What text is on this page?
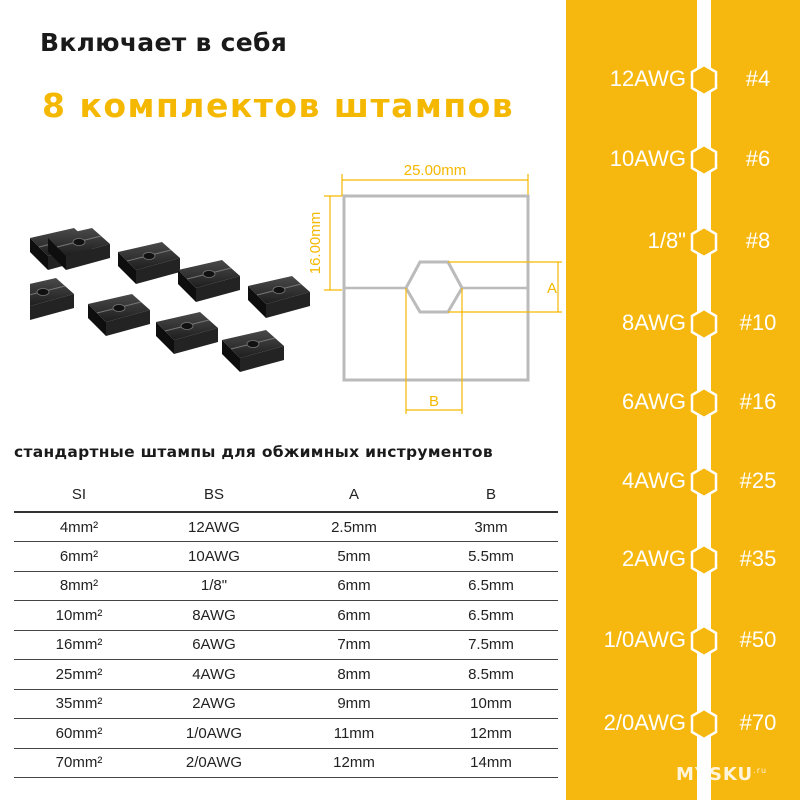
Включает в себя
8 комплектов штампов
25.00mm
16.00mm
A
B
стандартные штампы для обжимных инструментов
SI	BS	A	B
4mm²	12AWG	2.5mm	3mm
6mm²	10AWG	5mm	5.5mm
8mm²	1/8"	6mm	6.5mm
10mm²	8AWG	6mm	6.5mm
16mm²	6AWG	7mm	7.5mm
25mm²	4AWG	8mm	8.5mm
35mm²	2AWG	9mm	10mm
60mm²	1/0AWG	11mm	12mm
70mm²	2/0AWG	12mm	14mm
12AWG	#4
10AWG	#6
1/8"	#8
8AWG	#10
6AWG	#16
4AWG	#25
2AWG	#35
1/0AWG	#50
2/0AWG	#70
$MYSKU^{.ru}$
